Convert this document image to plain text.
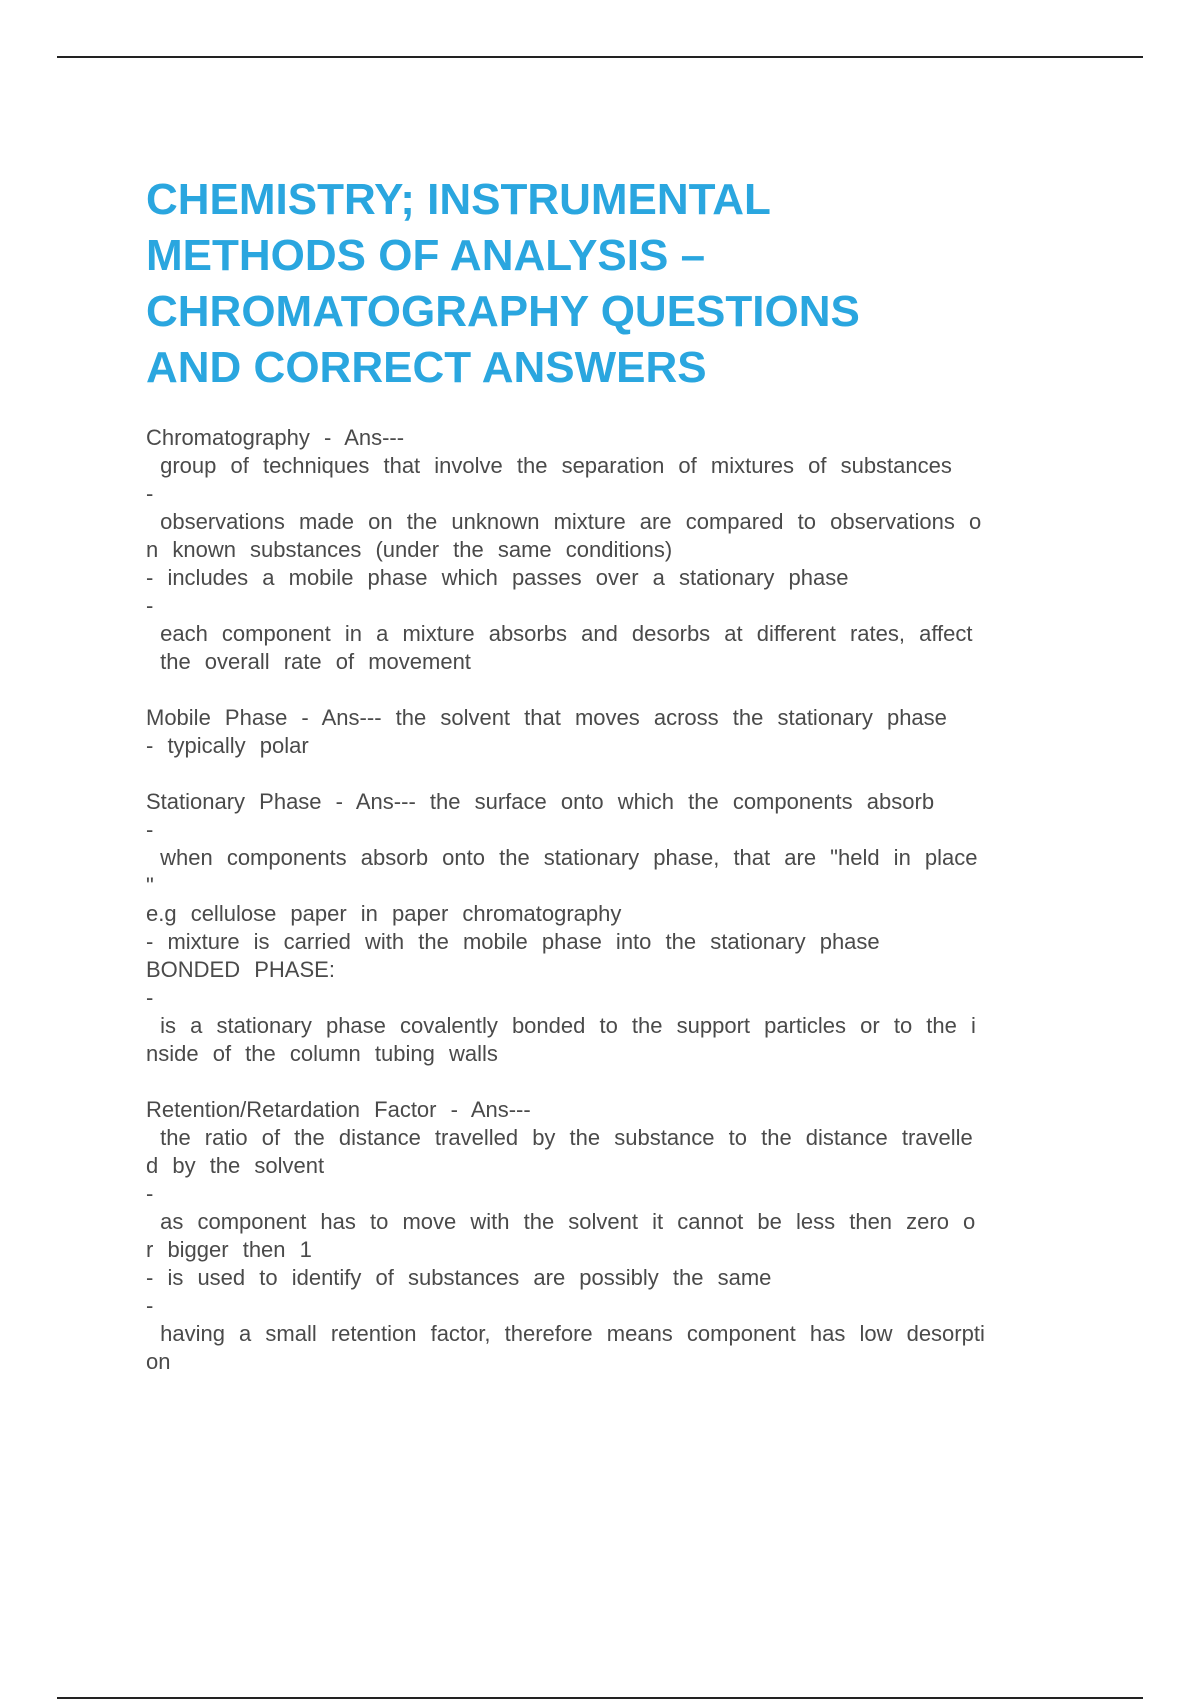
CHEMISTRY; INSTRUMENTAL
METHODS OF ANALYSIS –
CHROMATOGRAPHY QUESTIONS
AND CORRECT ANSWERS
Chromatography - Ans---
group of techniques that involve the separation of mixtures of substances
-
observations made on the unknown mixture are compared to observations o
n known substances (under the same conditions)
- includes a mobile phase which passes over a stationary phase
-
each component in a mixture absorbs and desorbs at different rates, affect
the overall rate of movement
Mobile Phase - Ans--- the solvent that moves across the stationary phase
- typically polar
Stationary Phase - Ans--- the surface onto which the components absorb
-
when components absorb onto the stationary phase, that are "held in place
"
e.g cellulose paper in paper chromatography
- mixture is carried with the mobile phase into the stationary phase
BONDED PHASE:
-
is a stationary phase covalently bonded to the support particles or to the i
nside of the column tubing walls
Retention/Retardation Factor - Ans---
the ratio of the distance travelled by the substance to the distance travelle
d by the solvent
-
as component has to move with the solvent it cannot be less then zero o
r bigger then 1
- is used to identify of substances are possibly the same
-
having a small retention factor, therefore means component has low desorpti
on
